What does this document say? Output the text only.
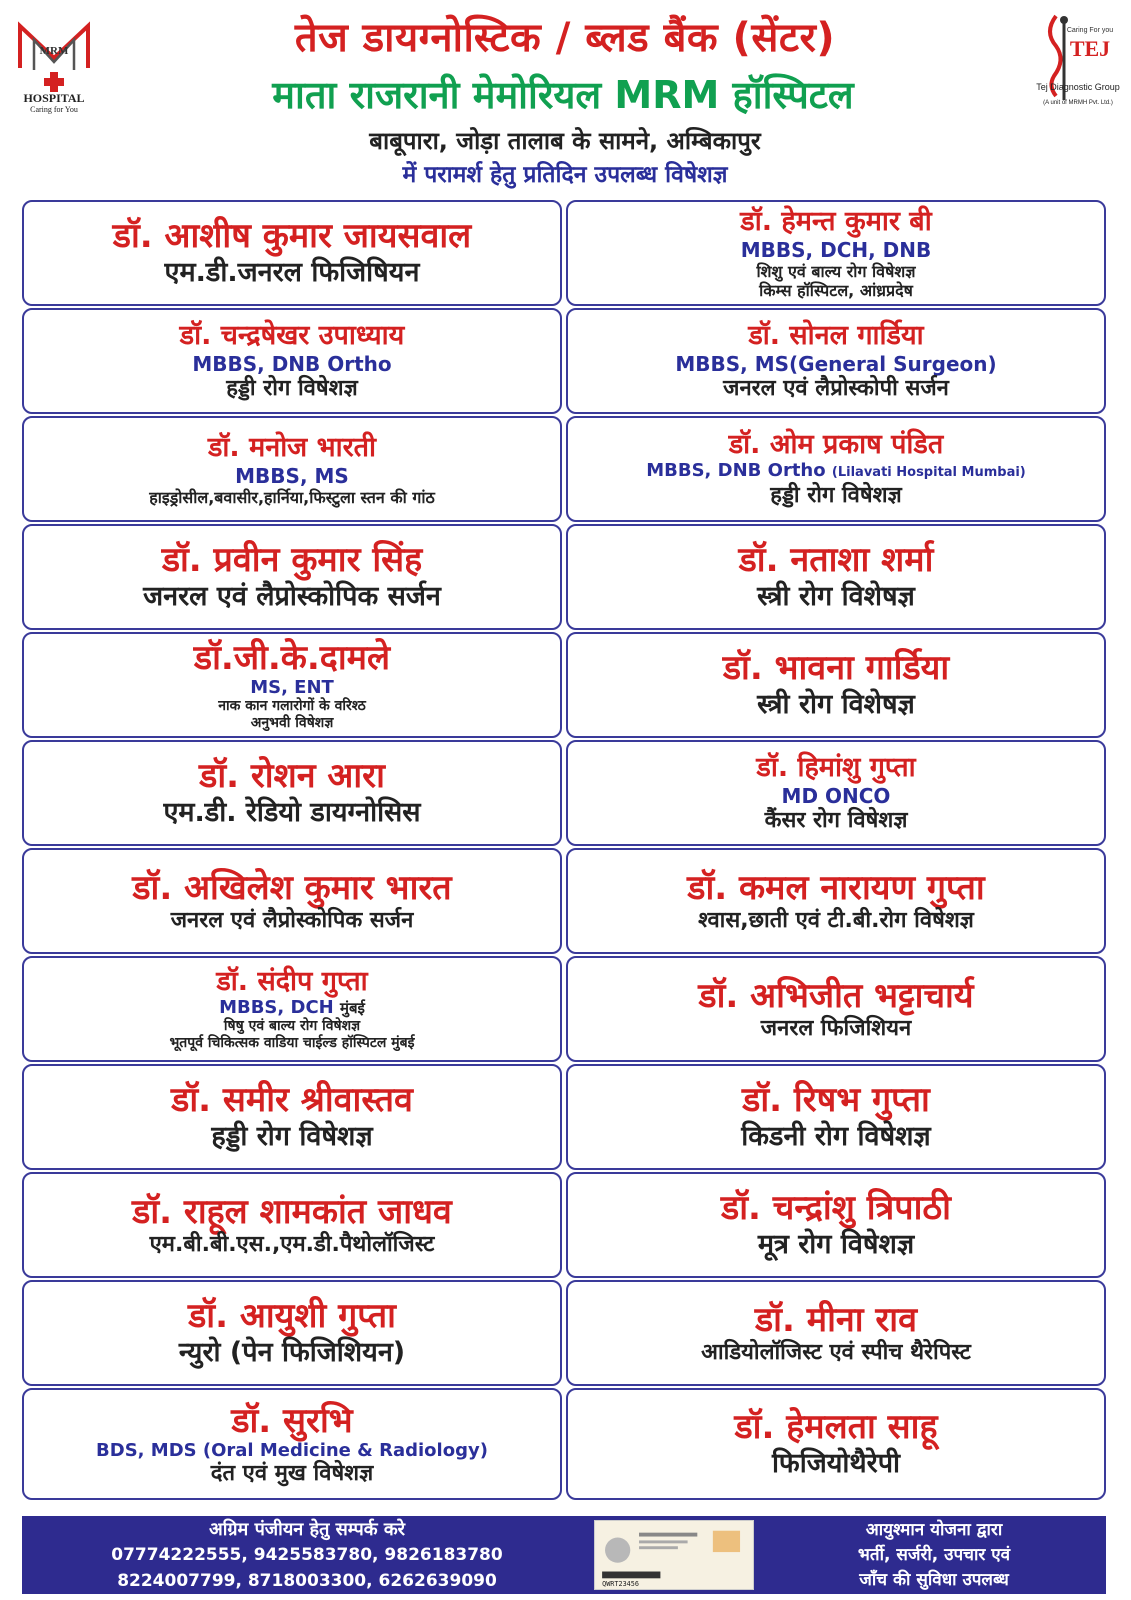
MRM
HOSPITAL
Caring for You
तेज डायग्नोस्टिक / ब्लड बैंक (सेंटर)
माता राजरानी मेमोरियल MRM हॉस्पिटल
बाबूपारा, जोड़ा तालाब के सामने, अम्बिकापुर
में परामर्श हेतु प्रतिदिन उपलब्ध विषेशज्ञ
Caring For you
TEJ
Tej Diagnostic Group
(A unit of MRMH Pvt. Ltd.)
डॉ. आशीष कुमार जायसवाल
एम.डी.जनरल फिजिषियन
डॉ. हेमन्त कुमार बी
MBBS, DCH, DNB
शिशु एवं बाल्य रोग विषेशज्ञ
किम्स हॉस्पिटल, आंध्रप्रदेष
डॉ. चन्द्रषेखर उपाध्याय
MBBS, DNB Ortho
हड्डी रोग विषेशज्ञ
डॉ. सोनल गार्डिया
MBBS, MS(General Surgeon)
जनरल एवं लैप्रोस्कोपी सर्जन
डॉ. मनोज भारती
MBBS, MS
हाइड्रोसील,बवासीर,हार्निया,फिस्टुला स्तन की गांठ
डॉ. ओम प्रकाष पंडित
MBBS, DNB Ortho (Lilavati Hospital Mumbai)
हड्डी रोग विषेशज्ञ
डॉ. प्रवीन कुमार सिंह
जनरल एवं लैप्रोस्कोपिक सर्जन
डॉ. नताशा शर्मा
स्त्री रोग विशेषज्ञ
डॉ.जी.के.दामले
MS, ENT
नाक कान गलारोगों के वरिश्ठ
अनुभवी विषेशज्ञ
डॉ. भावना गार्डिया
स्त्री रोग विशेषज्ञ
डॉ. रोशन आरा
एम.डी. रेडियो डायग्नोसिस
डॉ. हिमांशु गुप्ता
MD ONCO
कैंसर रोग विषेशज्ञ
डॉ. अखिलेश कुमार भारत
जनरल एवं लैप्रोस्कोपिक सर्जन
डॉ. कमल नारायण गुप्ता
श्वास,छाती एवं टी.बी.रोग विषेशज्ञ
डॉ. संदीप गुप्ता
MBBS, DCH मुंबई
षिषु एवं बाल्य रोग विषेशज्ञ
भूतपूर्व चिकित्सक वाडिया चाईल्ड हॉस्पिटल मुंबई
डॉ. अभिजीत भट्टाचार्य
जनरल फिजिशियन
डॉ. समीर श्रीवास्तव
हड्डी रोग विषेशज्ञ
डॉ. रिषभ गुप्ता
किडनी रोग विषेशज्ञ
डॉ. राहूल शामकांत जाधव
एम.बी.बी.एस.,एम.डी.पैथोलॉजिस्ट
डॉ. चन्द्रांशु त्रिपाठी
मूत्र रोग विषेशज्ञ
डॉ. आयुशी गुप्ता
न्युरो (पेन फिजिशियन)
डॉ. मीना राव
आडियोलॉजिस्ट एवं स्पीच थैरेपिस्ट
डॉ. सुरभि
BDS, MDS (Oral Medicine & Radiology)
दंत एवं मुख विषेशज्ञ
डॉ. हेमलता साहू
फिजियोथैरेपी
अग्रिम पंजीयन हेतु सम्पर्क करे
07774222555, 9425583780, 9826183780
8224007799, 8718003300, 6262639090	QWRT23456
आयुश्मान योजना द्वारा
भर्ती, सर्जरी, उपचार एवं
जाँच की सुविधा उपलब्ध
